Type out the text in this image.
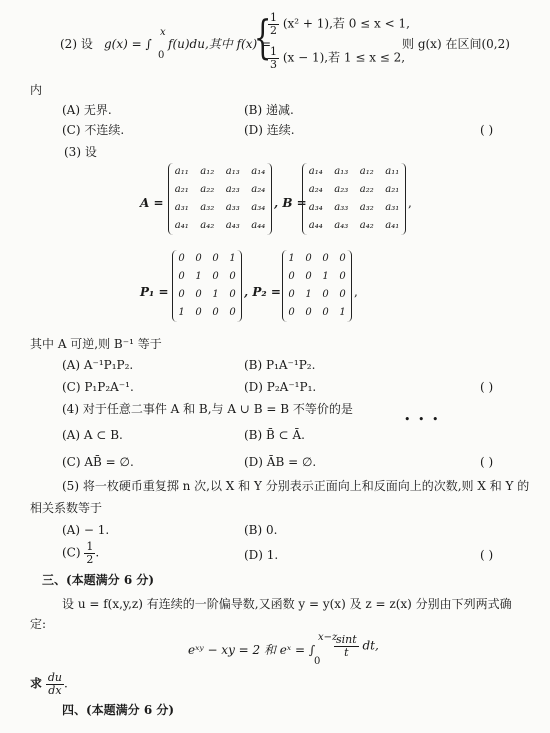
(2) 设 g(x) = ∫
x
0
f(u)du,其中 f(x) =
{
$\frac{1}{2} (x^2 + 1)$,若 0 ≤ x < 1,
$\frac{1}{3} (x - 1)$,若 1 ≤ x ≤ 2,
则 g(x) 在区间(0,2)
内
(A) 无界.	(B) 递减.
(C) 不连续.	(D) 连续.	( )
(3) 设
A =
a₁₁	a₁₂	a₁₃	a₁₄
a₂₁	a₂₂	a₂₃	a₂₄
a₃₁	a₃₂	a₃₃	a₃₄
a₄₁	a₄₂	a₄₃	a₄₄
, B =
a₁₄	a₁₃	a₁₂	a₁₁
a₂₄	a₂₃	a₂₂	a₂₁
a₃₄	a₃₃	a₃₂	a₃₁
a₄₄	a₄₃	a₄₂	a₄₁
,
P₁ =
0	0	0	1
0	1	0	0
0	0	1	0
1	0	0	0
, P₂ =
1	0	0	0
0	0	1	0
0	1	0	0
0	0	0	1
,
其中 A 可逆,则 B⁻¹ 等于
(A) A⁻¹P₁P₂.	(B) P₁A⁻¹P₂.
(C) P₁P₂A⁻¹.	(D) P₂A⁻¹P₁.	( )
(4) 对于任意二事件 A 和 B,与 A ∪ B = B 不等价的是
• • •
(A) A ⊂ B.	(B) B̄ ⊂ Ā.
(C) AB̄ = ∅.	(D) ĀB = ∅.	( )
(5) 将一枚硬币重复掷 n 次,以 X 和 Y 分别表示正面向上和反面向上的次数,则 X 和 Y 的
相关系数等于
(A) − 1.	(B) 0.
$(C) \frac{1}{2}$ .	(D) 1.	( )
三、(本题满分 6 分)
设 u = f(x,y,z) 有连续的一阶偏导数,又函数 y = y(x) 及 z = z(x) 分别由下列两式确
定:
eˣʸ − xy = 2 和 eˣ = ∫
x−z
0
$\frac{\sin t}{t}$ dt,
求 $\frac{du}{dx}$ .
四、(本题满分 6 分)
